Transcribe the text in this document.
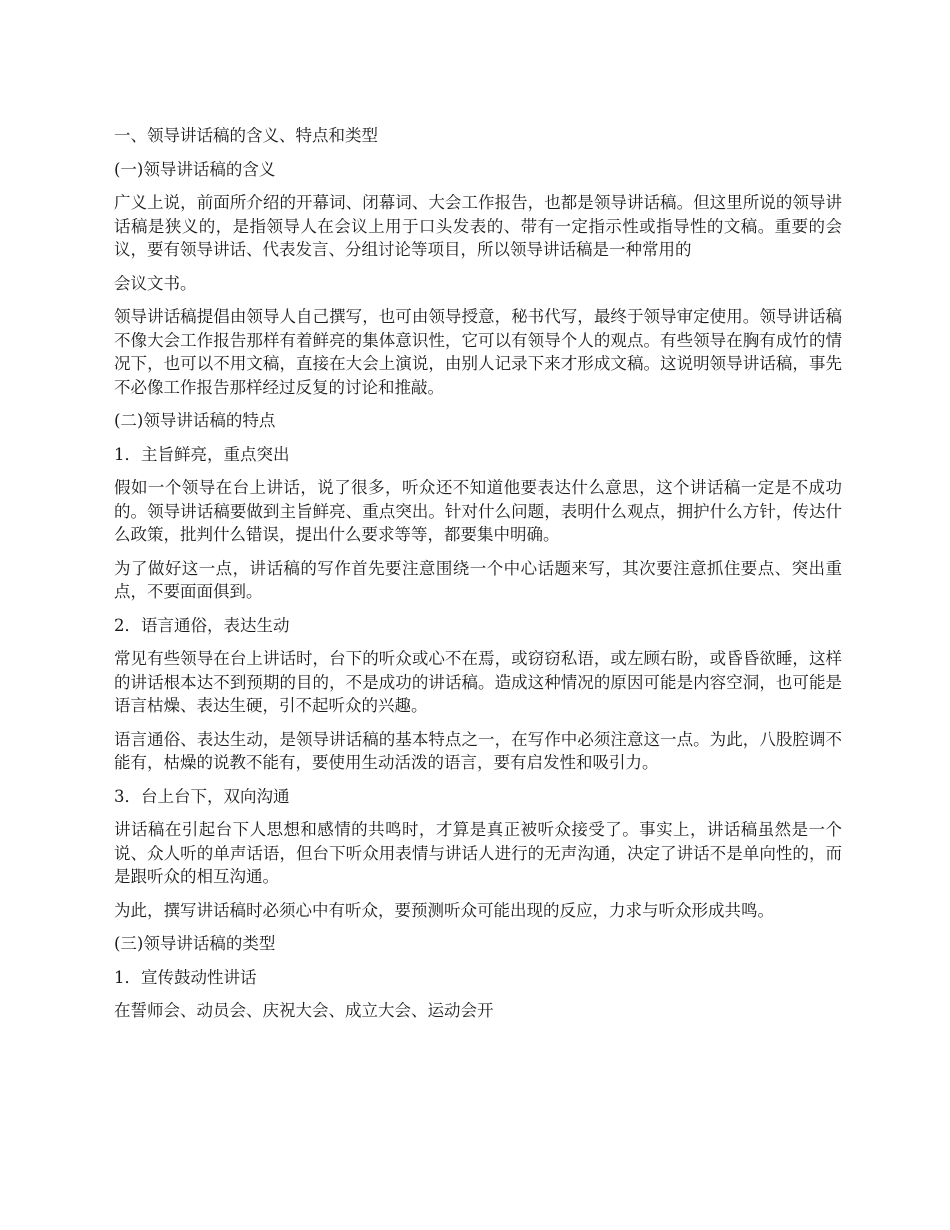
一、领导讲话稿的含义、特点和类型

(一)领导讲话稿的含义

广义上说，前面所介绍的开幕词、闭幕词、大会工作报告，也都是领导讲话稿。但这里所说的领导讲话稿是狭义的，是指领导人在会议上用于口头发表的、带有一定指示性或指导性的文稿。重要的会议，要有领导讲话、代表发言、分组讨论等项目，所以领导讲话稿是一种常用的

会议文书。

领导讲话稿提倡由领导人自己撰写，也可由领导授意，秘书代写，最终于领导审定使用。领导讲话稿不像大会工作报告那样有着鲜亮的集体意识性，它可以有领导个人的观点。有些领导在胸有成竹的情况下，也可以不用文稿，直接在大会上演说，由别人记录下来才形成文稿。这说明领导讲话稿，事先不必像工作报告那样经过反复的讨论和推敲。

(二)领导讲话稿的特点

1．主旨鲜亮，重点突出

假如一个领导在台上讲话，说了很多，听众还不知道他要表达什么意思，这个讲话稿一定是不成功的。领导讲话稿要做到主旨鲜亮、重点突出。针对什么问题，表明什么观点，拥护什么方针，传达什么政策，批判什么错误，提出什么要求等等，都要集中明确。

为了做好这一点，讲话稿的写作首先要注意围绕一个中心话题来写，其次要注意抓住要点、突出重点，不要面面俱到。

2．语言通俗，表达生动

常见有些领导在台上讲话时，台下的听众或心不在焉，或窃窃私语，或左顾右盼，或昏昏欲睡，这样的讲话根本达不到预期的目的，不是成功的讲话稿。造成这种情况的原因可能是内容空洞，也可能是语言枯燥、表达生硬，引不起听众的兴趣。

语言通俗、表达生动，是领导讲话稿的基本特点之一，在写作中必须注意这一点。为此，八股腔调不能有，枯燥的说教不能有，要使用生动活泼的语言，要有启发性和吸引力。

3．台上台下，双向沟通

讲话稿在引起台下人思想和感情的共鸣时，才算是真正被听众接受了。事实上，讲话稿虽然是一个说、众人听的单声话语，但台下听众用表情与讲话人进行的无声沟通，决定了讲话不是单向性的，而是跟听众的相互沟通。

为此，撰写讲话稿时必须心中有听众，要预测听众可能出现的反应，力求与听众形成共鸣。

(三)领导讲话稿的类型

1．宣传鼓动性讲话

在誓师会、动员会、庆祝大会、成立大会、运动会开
